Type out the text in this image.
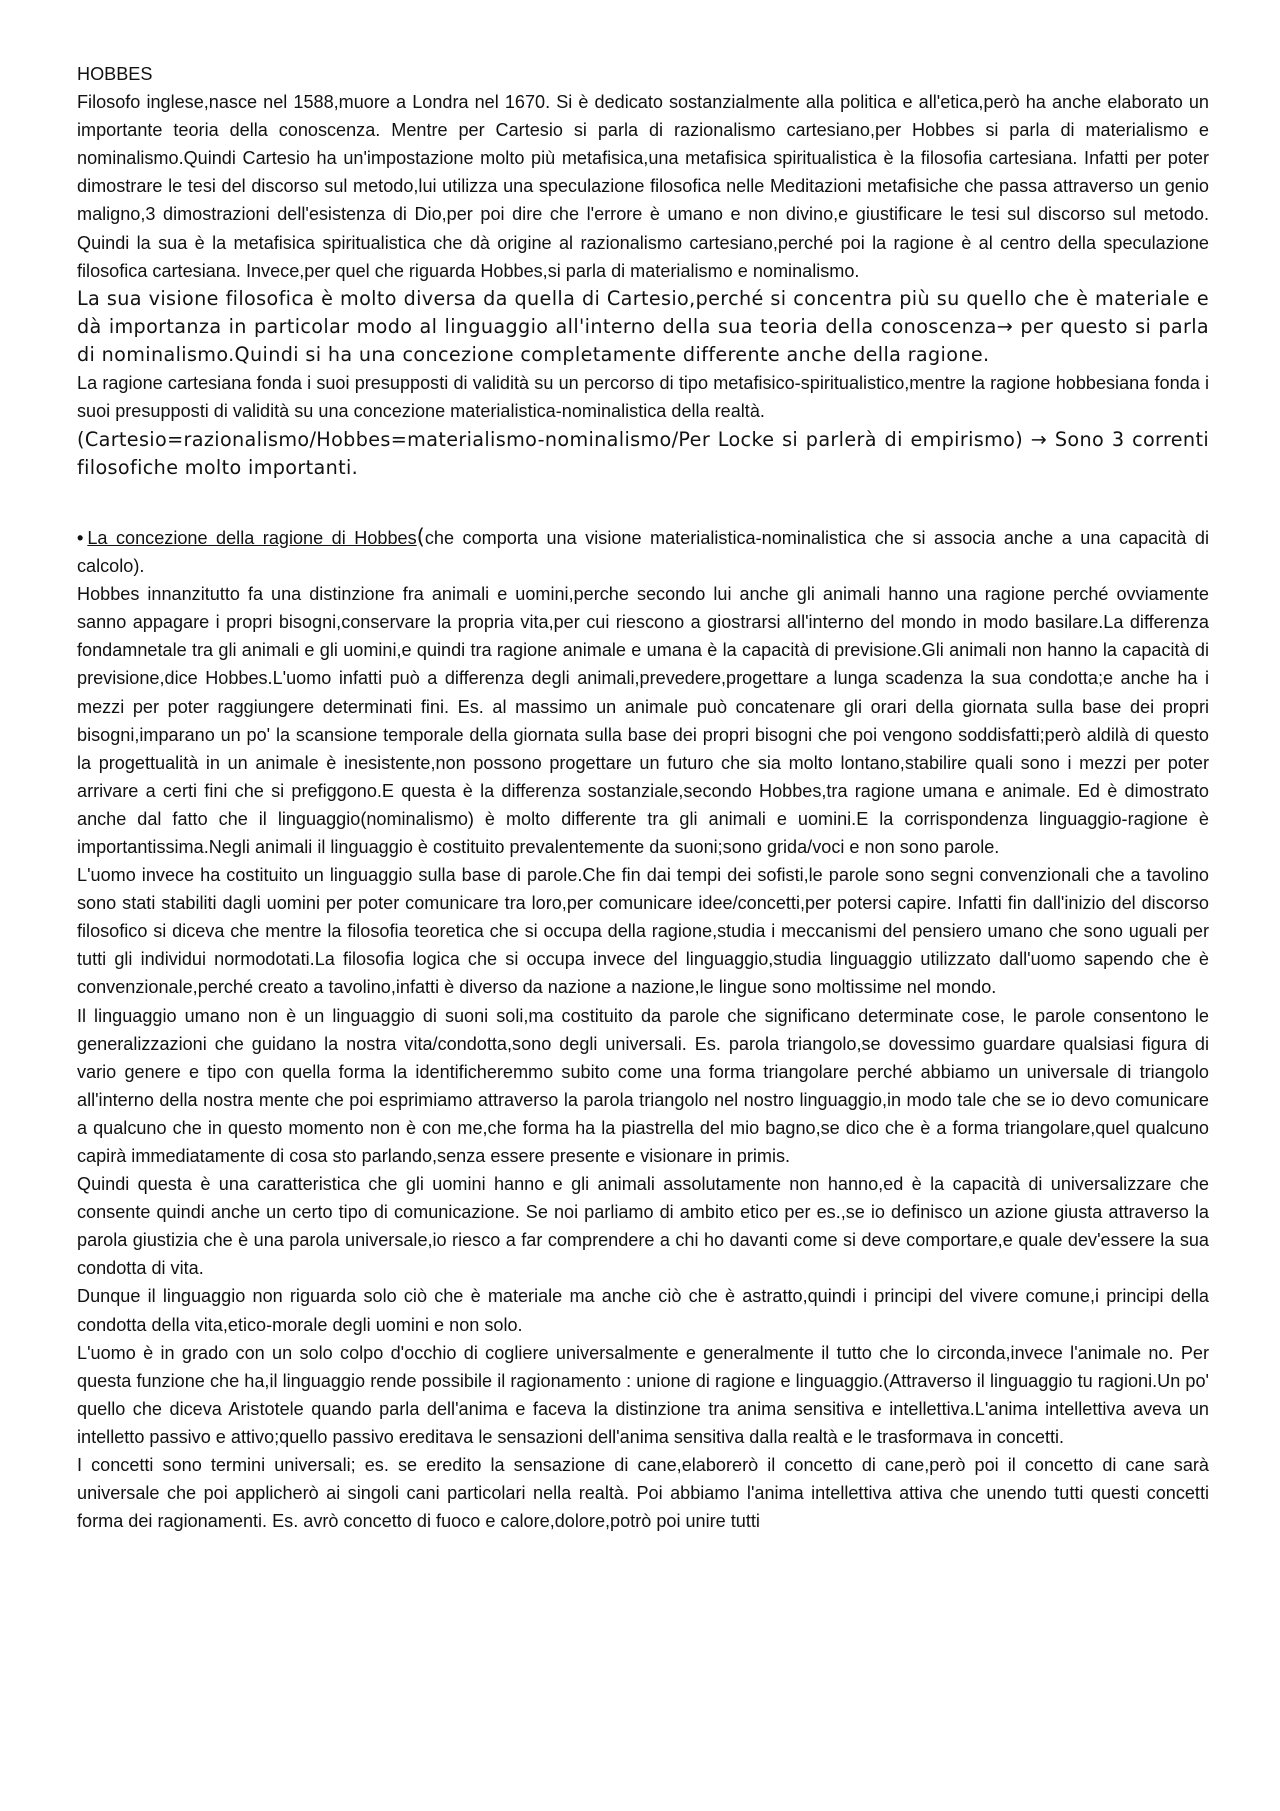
HOBBES

Filosofo inglese,nasce nel 1588,muore a Londra nel 1670. Si è dedicato sostanzialmente alla politica e all'etica,però ha anche elaborato un importante teoria della conoscenza. Mentre per Cartesio si parla di razionalismo cartesiano,per Hobbes si parla di materialismo e nominalismo.Quindi Cartesio ha un'impostazione molto più metafisica,una metafisica spiritualistica è la filosofia cartesiana. Infatti per poter dimostrare le tesi del discorso sul metodo,lui utilizza una speculazione filosofica nelle Meditazioni metafisiche che passa attraverso un genio maligno,3 dimostrazioni dell'esistenza di Dio,per poi dire che l'errore è umano e non divino,e giustificare le tesi sul discorso sul metodo. Quindi la sua è la metafisica spiritualistica che dà origine al razionalismo cartesiano,perché poi la ragione è al centro della speculazione filosofica cartesiana. Invece,per quel che riguarda Hobbes,si parla di materialismo e nominalismo.

La sua visione filosofica è molto diversa da quella di Cartesio,perché si concentra più su quello che è materiale e dà importanza in particolar modo al linguaggio all'interno della sua teoria della conoscenza→ per questo si parla di nominalismo.Quindi si ha una concezione completamente differente anche della ragione.

La ragione cartesiana fonda i suoi presupposti di validità su un percorso di tipo metafisico-spiritualistico,mentre la ragione hobbesiana fonda i suoi presupposti di validità su una concezione materialistica-nominalistica della realtà.

(Cartesio=razionalismo/Hobbes=materialismo-nominalismo/Per Locke si parlerà di empirismo) → Sono 3 correnti filosofiche molto importanti.

• La concezione della ragione di Hobbes(che comporta una visione materialistica-nominalistica che si associa anche a una capacità di calcolo).

Hobbes innanzitutto fa una distinzione fra animali e uomini,perche secondo lui anche gli animali hanno una ragione perché ovviamente sanno appagare i propri bisogni,conservare la propria vita,per cui riescono a giostrarsi all'interno del mondo in modo basilare.La differenza fondamnetale tra gli animali e gli uomini,e quindi tra ragione animale e umana è la capacità di previsione.Gli animali non hanno la capacità di previsione,dice Hobbes.L'uomo infatti può a differenza degli animali,prevedere,progettare a lunga scadenza la sua condotta;e anche ha i mezzi per poter raggiungere determinati fini. Es. al massimo un animale può concatenare gli orari della giornata sulla base dei propri bisogni,imparano un po' la scansione temporale della giornata sulla base dei propri bisogni che poi vengono soddisfatti;però aldilà di questo la progettualità in un animale è inesistente,non possono progettare un futuro che sia molto lontano,stabilire quali sono i mezzi per poter arrivare a certi fini che si prefiggono.E questa è la differenza sostanziale,secondo Hobbes,tra ragione umana e animale. Ed è dimostrato anche dal fatto che il linguaggio(nominalismo) è molto differente tra gli animali e uomini.E la corrispondenza linguaggio-ragione è importantissima.Negli animali il linguaggio è costituito prevalentemente da suoni;sono grida/voci e non sono parole.

L'uomo invece ha costituito un linguaggio sulla base di parole.Che fin dai tempi dei sofisti,le parole sono segni convenzionali che a tavolino sono stati stabiliti dagli uomini per poter comunicare tra loro,per comunicare idee/concetti,per potersi capire. Infatti fin dall'inizio del discorso filosofico si diceva che mentre la filosofia teoretica che si occupa della ragione,studia i meccanismi del pensiero umano che sono uguali per tutti gli individui normodotati.La filosofia logica che si occupa invece del linguaggio,studia linguaggio utilizzato dall'uomo sapendo che è convenzionale,perché creato a tavolino,infatti è diverso da nazione a nazione,le lingue sono moltissime nel mondo.

Il linguaggio umano non è un linguaggio di suoni soli,ma costituito da parole che significano determinate cose, le parole consentono le generalizzazioni che guidano la nostra vita/condotta,sono degli universali. Es. parola triangolo,se dovessimo guardare qualsiasi figura di vario genere e tipo con quella forma la identificheremmo subito come una forma triangolare perché abbiamo un universale di triangolo all'interno della nostra mente che poi esprimiamo attraverso la parola triangolo nel nostro linguaggio,in modo tale che se io devo comunicare a qualcuno che in questo momento non è con me,che forma ha la piastrella del mio bagno,se dico che è a forma triangolare,quel qualcuno capirà immediatamente di cosa sto parlando,senza essere presente e visionare in primis.

Quindi questa è una caratteristica che gli uomini hanno e gli animali assolutamente non hanno,ed è la capacità di universalizzare che consente quindi anche un certo tipo di comunicazione. Se noi parliamo di ambito etico per es.,se io definisco un azione giusta attraverso la parola giustizia che è una parola universale,io riesco a far comprendere a chi ho davanti come si deve comportare,e quale dev'essere la sua condotta di vita.

Dunque il linguaggio non riguarda solo ciò che è materiale ma anche ciò che è astratto,quindi i principi del vivere comune,i principi della condotta della vita,etico-morale degli uomini e non solo.

L'uomo è in grado con un solo colpo d'occhio di cogliere universalmente e generalmente il tutto che lo circonda,invece l'animale no. Per questa funzione che ha,il linguaggio rende possibile il ragionamento : unione di ragione e linguaggio.(Attraverso il linguaggio tu ragioni.Un po' quello che diceva Aristotele quando parla dell'anima e faceva la distinzione tra anima sensitiva e intellettiva.L'anima intellettiva aveva un intelletto passivo e attivo;quello passivo ereditava le sensazioni dell'anima sensitiva dalla realtà e le trasformava in concetti.

I concetti sono termini universali; es. se eredito la sensazione di cane,elaborerò il concetto di cane,però poi il concetto di cane sarà universale che poi applicherò ai singoli cani particolari nella realtà. Poi abbiamo l'anima intellettiva attiva che unendo tutti questi concetti forma dei ragionamenti. Es. avrò concetto di fuoco e calore,dolore,potrò poi unire tutti
